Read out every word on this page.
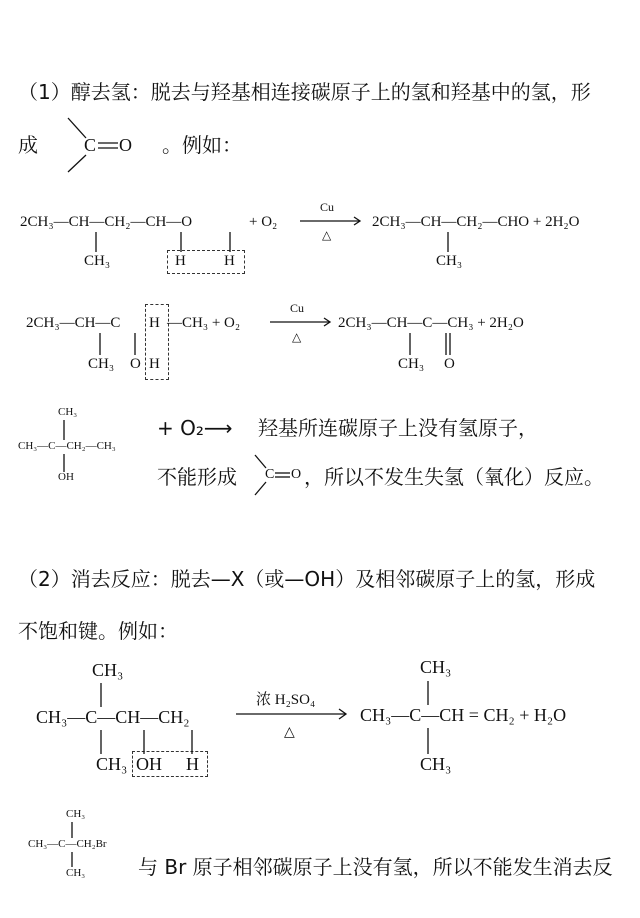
（1）醇去氢：脱去与羟基相连接碳原子上的氢和羟基中的氢，形
成	C O 。例如：
2CH₃—CH—CH₂—CH—O
CH₃	H	H
+ O₂
Cu
△
2CH₃—CH—CH₂—CHO + 2H₂O
CH₃
2CH₃—CH—C H —CH₃ + O₂
CH₃ O H
Cu
△
2CH₃—CH—C—CH₃ + 2H₂O
CH₃ O
CH₃
CH₃—C—CH₂—CH₃
OH
+ O₂⟶ 羟基所连碳原子上没有氢原子，
不能形成 C O ，所以不发生失氢（氧化）反应。
（2）消去反应：脱去—X（或—OH）及相邻碳原子上的氢，形成
不饱和键。例如：
CH₃
CH₃—C—CH—CH₂
CH₃ OH H
浓 H₂SO₄
△
CH₃
CH₃—C—CH = CH₂ + H₂O
CH₃
CH₃
CH₃—C—CH₂Br
CH₃	与 Br 原子相邻碳原子上没有氢，所以不能发生消去反
